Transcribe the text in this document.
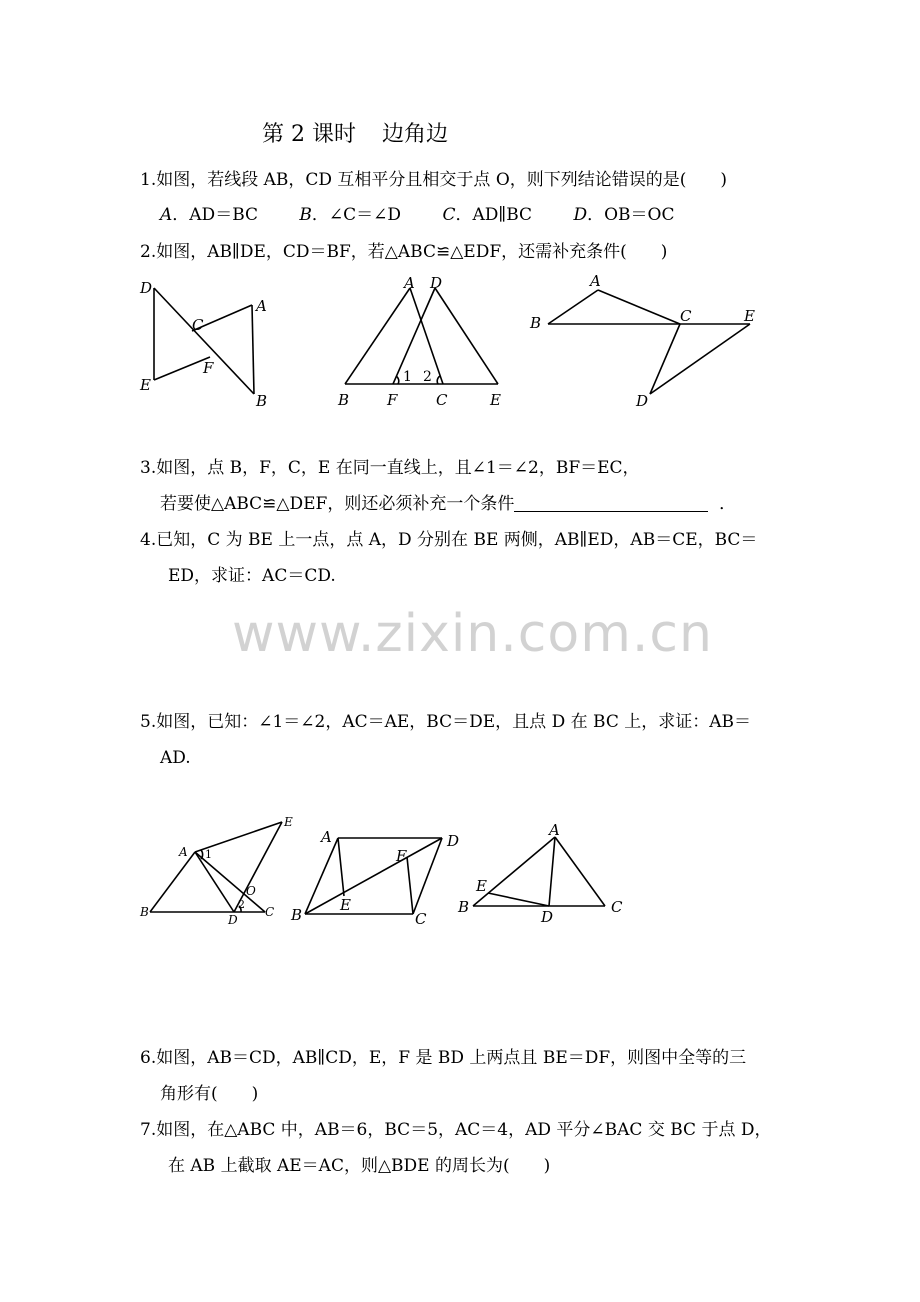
第 2 课时 边角边
1.如图，若线段 AB，CD 互相平分且相交于点 O，则下列结论错误的是(　　)
A．AD＝BC B．∠C＝∠D C．AD∥BC D．OB＝OC
2.如图，AB∥DE，CD＝BF，若△ABC≌△EDF，还需补充条件(　　)
D
A
C
F
E
B
A D
1 2
B	F	C	E
A
B	C	E
D
3.如图，点 B，F，C，E 在同一直线上，且∠1＝∠2，BF＝EC，
若要使△ABC≌△DEF，则还必须补充一个条件	．
4.已知，C 为 BE 上一点，点 A，D 分别在 BE 两侧，AB∥ED，AB＝CE，BC＝
ED，求证：AC＝CD.
www.zixin.com.cn
5.如图，已知：∠1＝∠2，AC＝AE，BC＝DE，且点 D 在 BC 上，求证：AB＝
AD.
E
A 1
O
2
B
D
C
A	D
F
E
B	C
A
E
B
D
C
6.如图，AB＝CD，AB∥CD，E，F 是 BD 上两点且 BE＝DF，则图中全等的三
角形有(　　)
7.如图，在△ABC 中，AB＝6，BC＝5，AC＝4，AD 平分∠BAC 交 BC 于点 D，
在 AB 上截取 AE＝AC，则△BDE 的周长为(　　)
